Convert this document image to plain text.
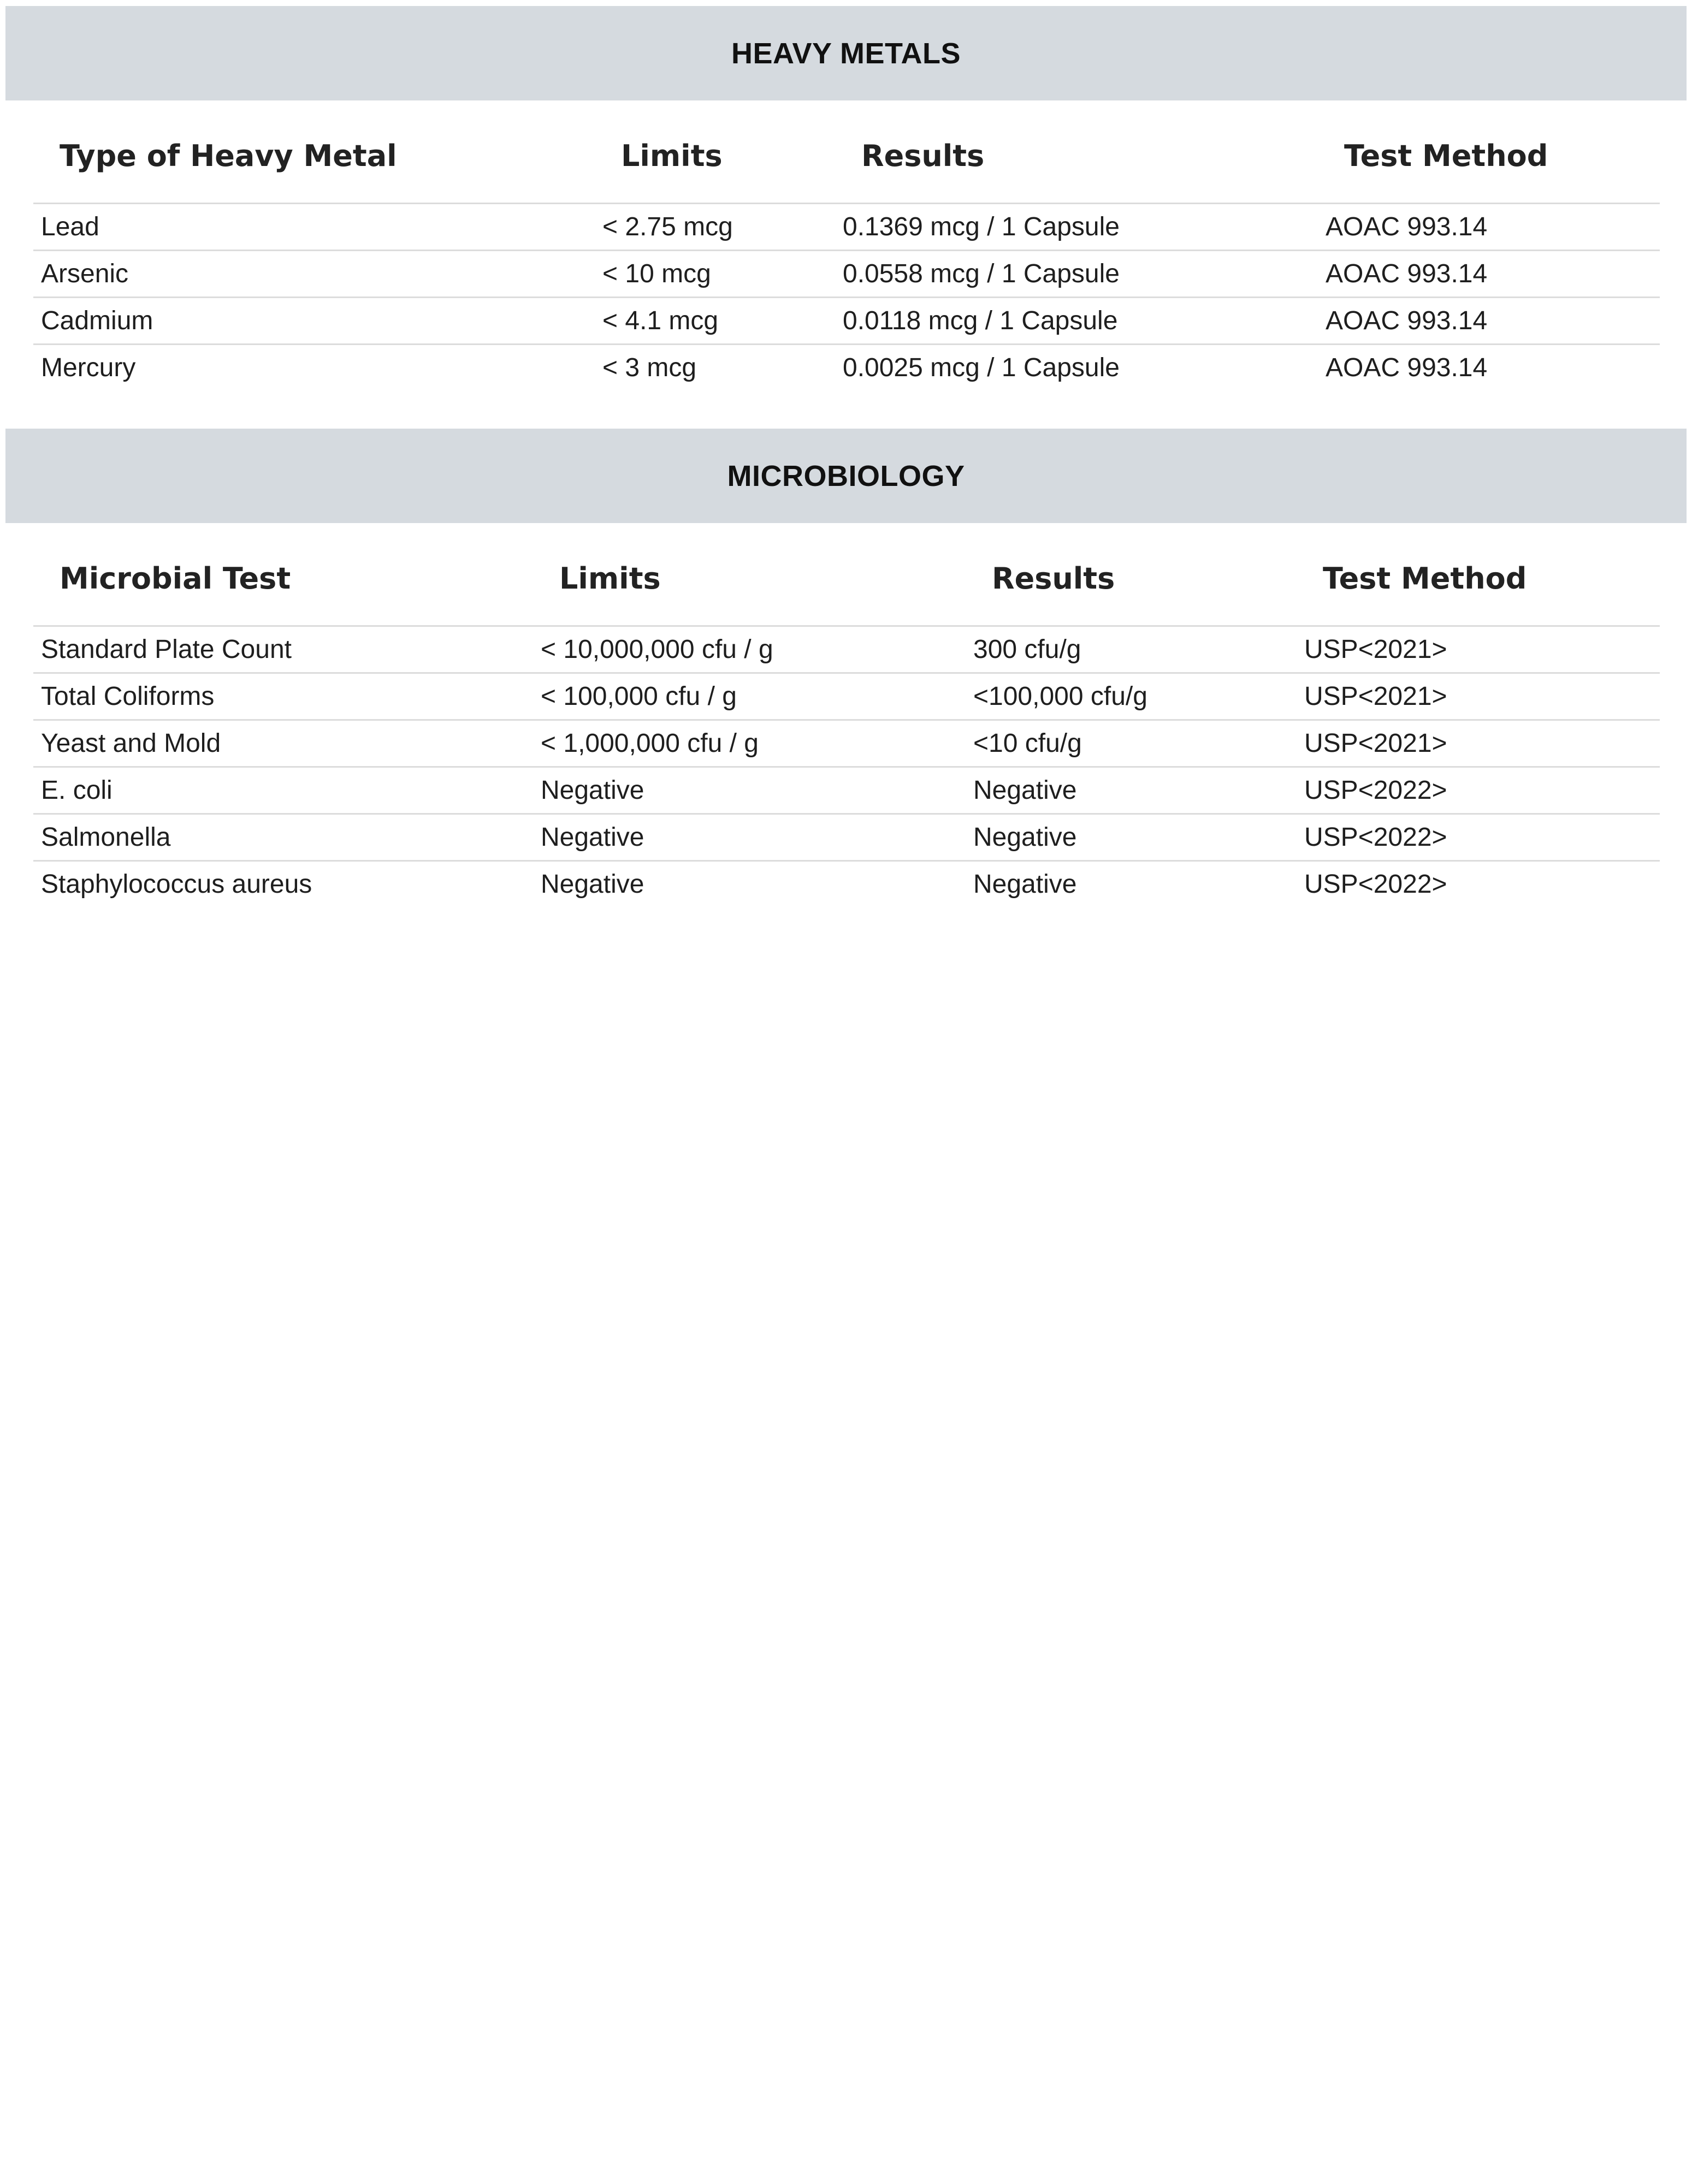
HEAVY METALS
Type of Heavy Metal	Limits	Results	Test Method
Lead	< 2.75 mcg	0.1369 mcg / 1 Capsule	AOAC 993.14
Arsenic	< 10 mcg	0.0558 mcg / 1 Capsule	AOAC 993.14
Cadmium	< 4.1 mcg	0.0118 mcg / 1 Capsule	AOAC 993.14
Mercury	< 3 mcg	0.0025 mcg / 1 Capsule	AOAC 993.14
MICROBIOLOGY
Microbial Test	Limits	Results	Test Method
Standard Plate Count	< 10,000,000 cfu / g	300 cfu/g	USP<2021>
Total Coliforms	< 100,000 cfu / g	<100,000 cfu/g	USP<2021>
Yeast and Mold	< 1,000,000 cfu / g	<10 cfu/g	USP<2021>
E. coli	Negative	Negative	USP<2022>
Salmonella	Negative	Negative	USP<2022>
Staphylococcus aureus	Negative	Negative	USP<2022>
